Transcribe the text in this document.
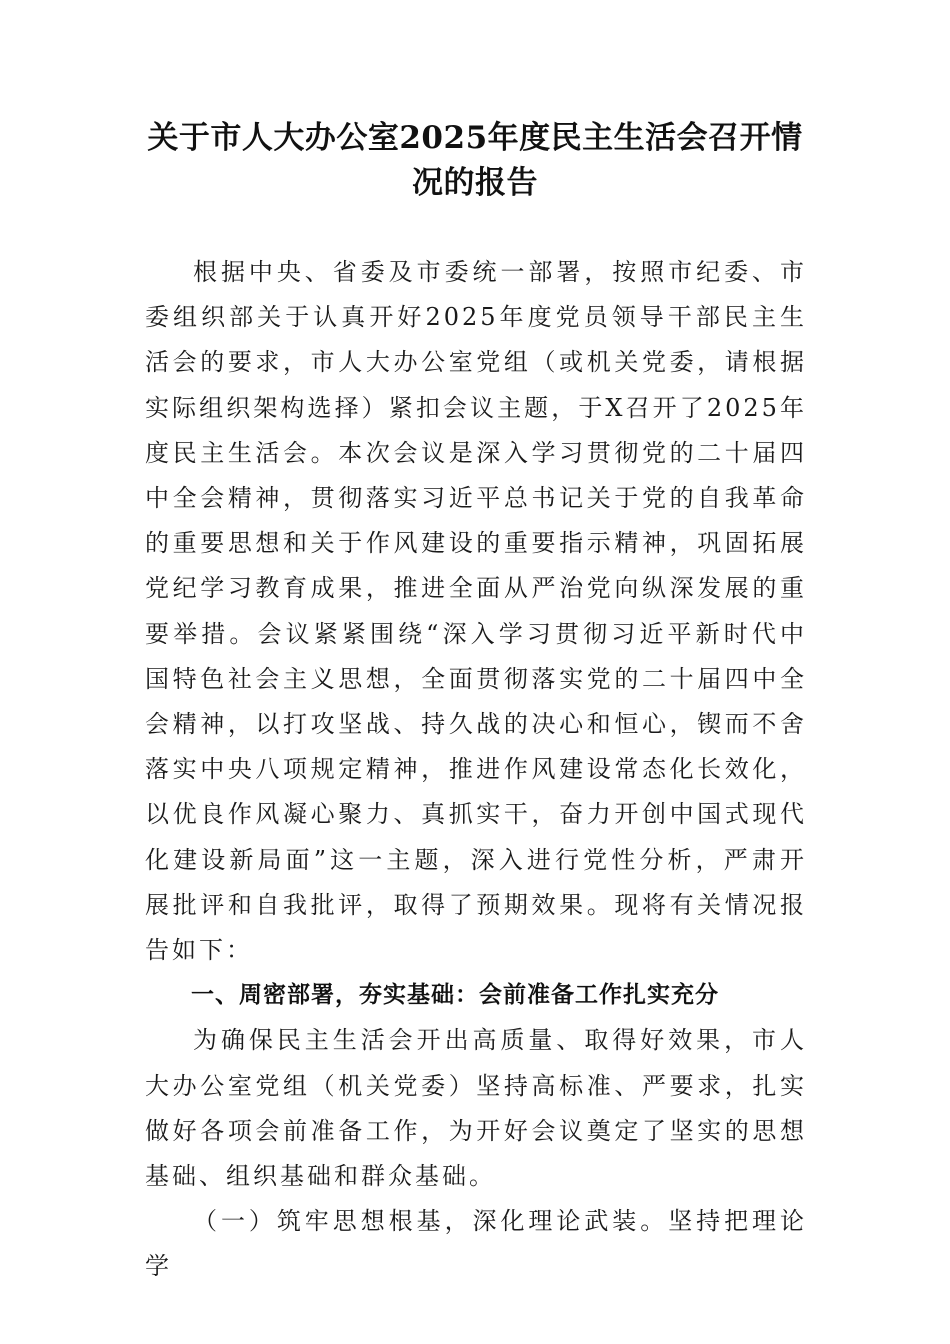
关于市人大办公室2025年度民主生活会召开情况的报告

根据中央、省委及市委统一部署，按照市纪委、市委组织部关于认真开好2025年度党员领导干部民主生活会的要求，市人大办公室党组（或机关党委，请根据实际组织架构选择）紧扣会议主题，于X召开了2025年度民主生活会。本次会议是深入学习贯彻党的二十届四中全会精神，贯彻落实习近平总书记关于党的自我革命的重要思想和关于作风建设的重要指示精神，巩固拓展党纪学习教育成果，推进全面从严治党向纵深发展的重要举措。会议紧紧围绕“深入学习贯彻习近平新时代中国特色社会主义思想，全面贯彻落实党的二十届四中全会精神，以打攻坚战、持久战的决心和恒心，锲而不舍落实中央八项规定精神，推进作风建设常态化长效化，以优良作风凝心聚力、真抓实干，奋力开创中国式现代化建设新局面”这一主题，深入进行党性分析，严肃开展批评和自我批评，取得了预期效果。现将有关情况报告如下：

一、周密部署，夯实基础：会前准备工作扎实充分

为确保民主生活会开出高质量、取得好效果，市人大办公室党组（机关党委）坚持高标准、严要求，扎实做好各项会前准备工作，为开好会议奠定了坚实的思想基础、组织基础和群众基础。

（一）筑牢思想根基，深化理论武装。坚持把理论学
